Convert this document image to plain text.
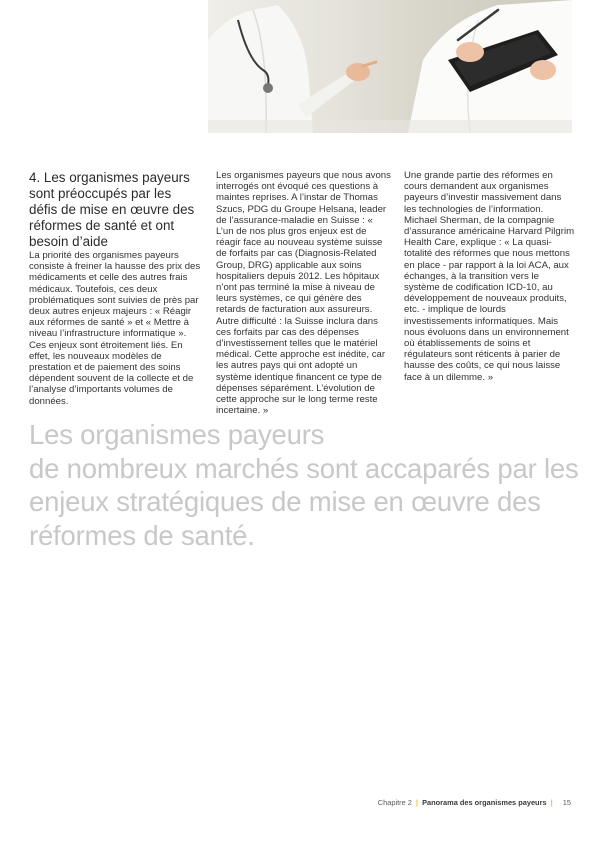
4. Les organismes payeurs sont préoccupés par les défis de mise en œuvre des réformes de santé et ont besoin d’aide

La priorité des organismes payeurs consiste à freiner la hausse des prix des médicaments et celle des autres frais médicaux. Toutefois, ces deux problématiques sont suivies de près par deux autres enjeux majeurs : « Réagir aux réformes de santé » et « Mettre à niveau l’infrastructure informatique ». Ces enjeux sont étroitement liés. En effet, les nouveaux modèles de prestation et de paiement des soins dépendent souvent de la collecte et de l’analyse d’importants volumes de données.

Les organismes payeurs que nous avons interrogés ont évoqué ces questions à maintes reprises. A l’instar de Thomas Szucs, PDG du Groupe Helsana, leader de l’assurance-maladie en Suisse : « L’un de nos plus gros enjeux est de réagir face au nouveau système suisse de forfaits par cas (Diagnosis-Related Group, DRG) applicable aux soins hospitaliers depuis 2012. Les hôpitaux n’ont pas terminé la mise à niveau de leurs systèmes, ce qui génère des retards de facturation aux assureurs. Autre difficulté : la Suisse inclura dans ces forfaits par cas des dépenses d’investissement telles que le matériel médical. Cette approche est inédite, car les autres pays qui ont adopté un système identique financent ce type de dépenses séparément. L’évolution de cette approche sur le long terme reste incertaine. »

Une grande partie des réformes en cours demandent aux organismes payeurs d’investir massivement dans les technologies de l’information. Michael Sherman, de la compagnie d’assurance américaine Harvard Pilgrim Health Care, explique : « La quasi-totalité des réformes que nous mettons en place - par rapport à la loi ACA, aux échanges, à la transition vers le système de codification ICD-10, au développement de nouveaux produits, etc. - implique de lourds investissements informatiques. Mais nous évoluons dans un environnement où établissements de soins et régulateurs sont réticents à parier de hausse des coûts, ce qui nous laisse face à un dilemme. »

Les organismes payeurs
de nombreux marchés sont accaparés par les
enjeux stratégiques de mise en œuvre des
réformes de santé.
Chapitre 2 | Panorama des organismes payeurs | 15
